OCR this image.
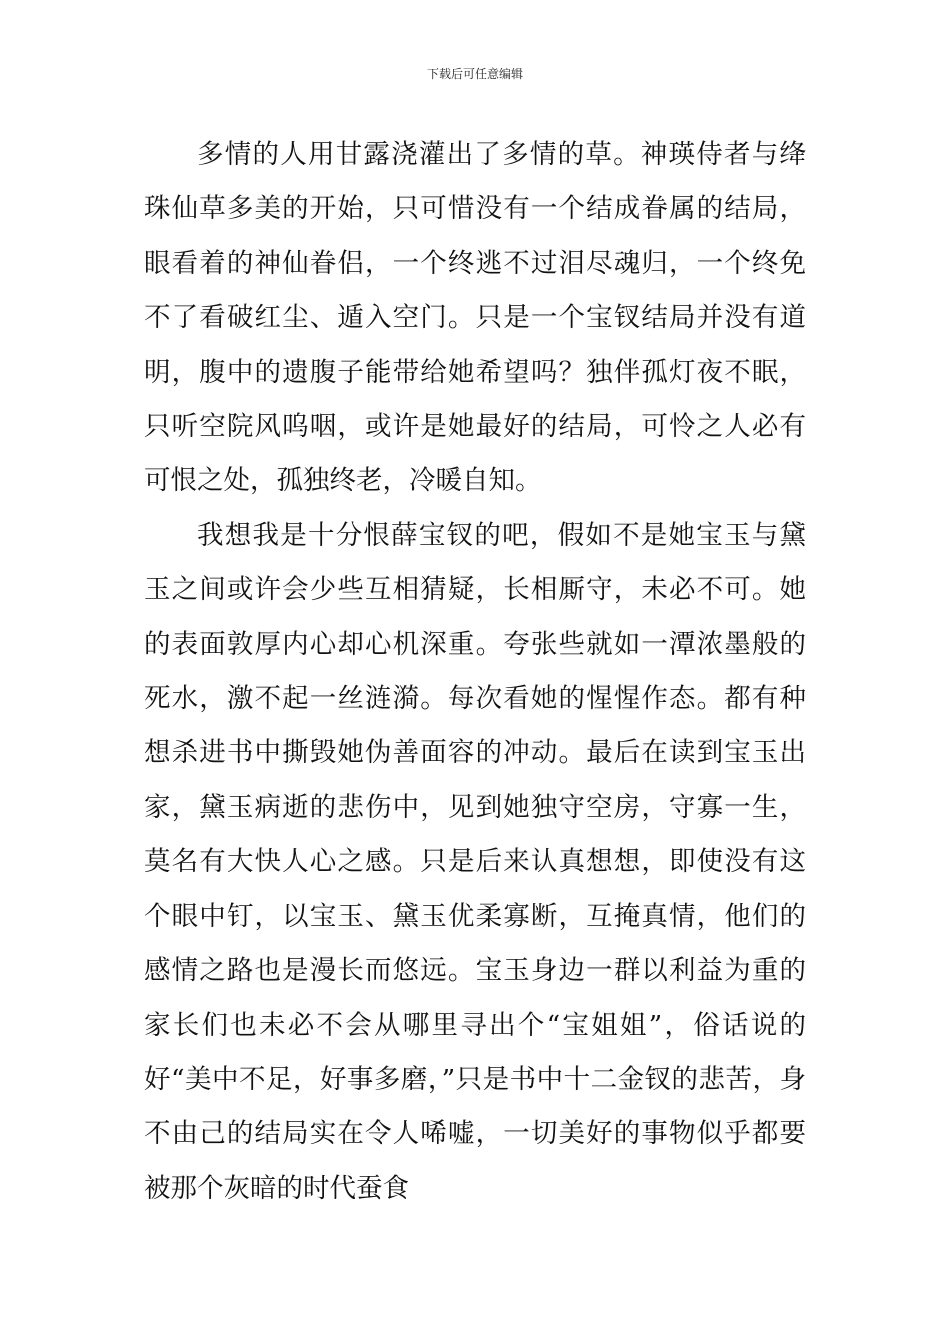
下载后可任意编辑

多情的人用甘露浇灌出了多情的草。神瑛侍者与绛珠仙草多美的开始，只可惜没有一个结成眷属的结局，眼看着的神仙眷侣，一个终逃不过泪尽魂归，一个终免不了看破红尘、遁入空门。只是一个宝钗结局并没有道明，腹中的遗腹子能带给她希望吗？独伴孤灯夜不眠，只听空院风呜咽，或许是她最好的结局，可怜之人必有可恨之处，孤独终老，冷暖自知。

我想我是十分恨薛宝钗的吧，假如不是她宝玉与黛玉之间或许会少些互相猜疑，长相厮守，未必不可。她的表面敦厚内心却心机深重。夸张些就如一潭浓墨般的死水，激不起一丝涟漪。每次看她的惺惺作态。都有种想杀进书中撕毁她伪善面容的冲动。最后在读到宝玉出家，黛玉病逝的悲伤中，见到她独守空房，守寡一生，莫名有大快人心之感。只是后来认真想想，即使没有这个眼中钉，以宝玉、黛玉优柔寡断，互掩真情，他们的感情之路也是漫长而悠远。宝玉身边一群以利益为重的家长们也未必不会从哪里寻出个“宝姐姐”，俗话说的好“美中不足，好事多磨，”只是书中十二金钗的悲苦，身不由己的结局实在令人唏嘘，一切美好的事物似乎都要被那个灰暗的时代蚕食
